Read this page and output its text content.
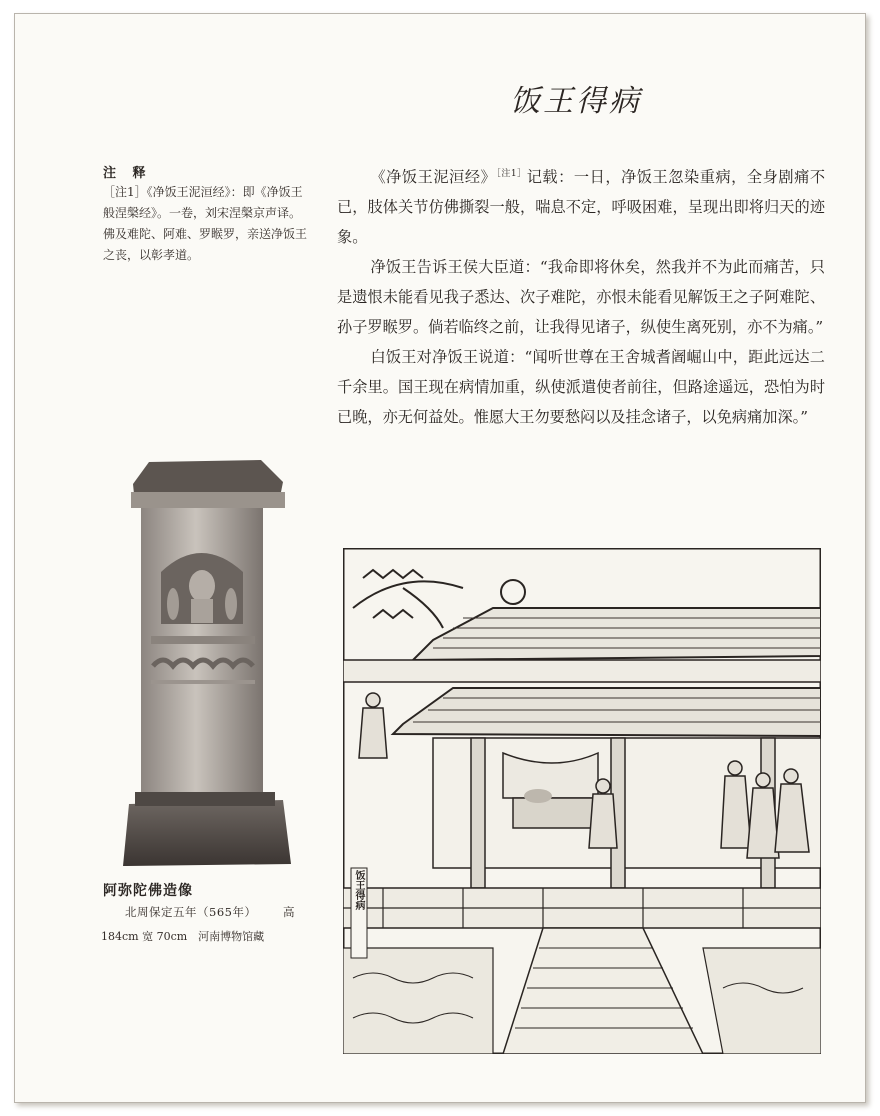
饭王得病
注 释
［注1］《净饭王泥洹经》：即《净饭王般涅槃经》。一卷，刘宋涅槃京声译。佛及难陀、阿难、罗睺罗，亲送净饭王之丧，以彰孝道。

《净饭王泥洹经》$^{[注1]}$记载：一日，净饭王忽染重病，全身剧痛不已，肢体关节仿佛撕裂一般，喘息不定，呼吸困难，呈现出即将归天的迹象。

净饭王告诉王侯大臣道：“我命即将休矣，然我并不为此而痛苦，只是遗恨未能看见我子悉达、次子难陀，亦恨未能看见解饭王之子阿难陀、孙子罗睺罗。倘若临终之前，让我得见诸子，纵使生离死别，亦不为痛。”

白饭王对净饭王说道：“闻听世尊在王舍城耆阇崛山中，距此远达二千余里。国王现在病情加重，纵使派遣使者前往，但路途遥远，恐怕为时已晚，亦无何益处。惟愿大王勿要愁闷以及挂念诸子，以免病痛加深。”

阿弥陀佛造像
北周保定五年（565年） 高
184cm 宽 70cm　河南博物馆藏
饭王得病
